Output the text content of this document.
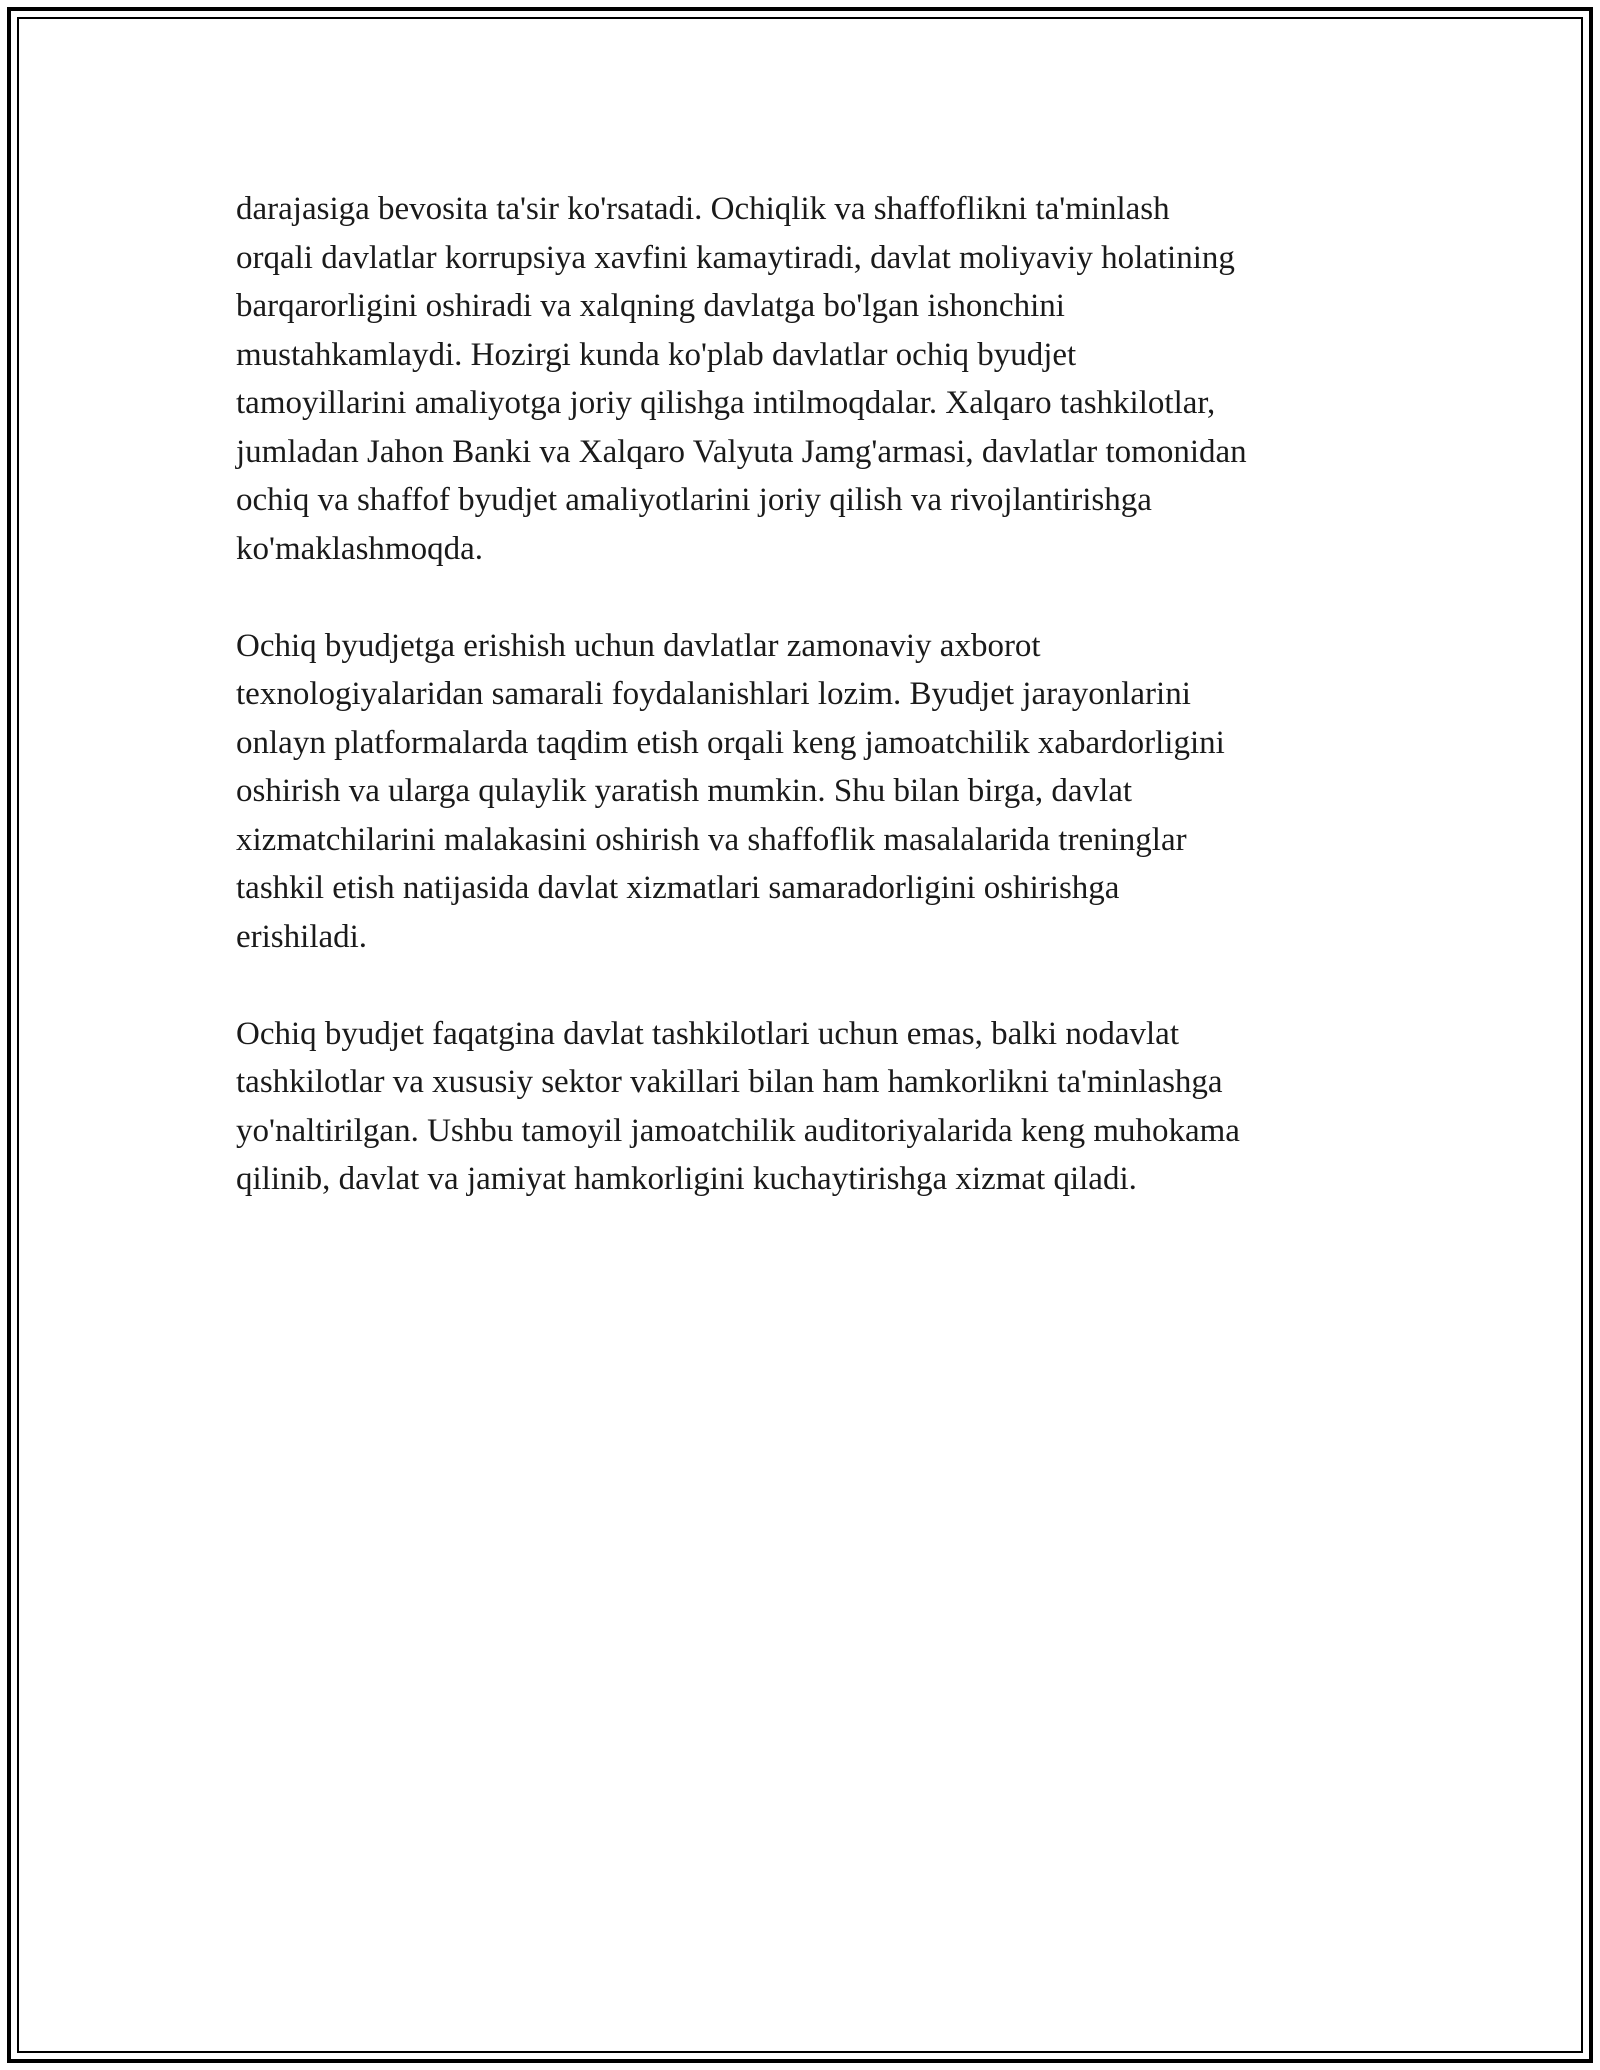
darajasiga bevosita ta'sir ko'rsatadi. Ochiqlik va shaffoflikni ta'minlash
orqali davlatlar korrupsiya xavfini kamaytiradi, davlat moliyaviy holatining
barqarorligini oshiradi va xalqning davlatga bo'lgan ishonchini
mustahkamlaydi. Hozirgi kunda ko'plab davlatlar ochiq byudjet
tamoyillarini amaliyotga joriy qilishga intilmoqdalar. Xalqaro tashkilotlar,
jumladan Jahon Banki va Xalqaro Valyuta Jamg'armasi, davlatlar tomonidan
ochiq va shaffof byudjet amaliyotlarini joriy qilish va rivojlantirishga
ko'maklashmoqda.

Ochiq byudjetga erishish uchun davlatlar zamonaviy axborot
texnologiyalaridan samarali foydalanishlari lozim. Byudjet jarayonlarini
onlayn platformalarda taqdim etish orqali keng jamoatchilik xabardorligini
oshirish va ularga qulaylik yaratish mumkin. Shu bilan birga, davlat
xizmatchilarini malakasini oshirish va shaffoflik masalalarida treninglar
tashkil etish natijasida davlat xizmatlari samaradorligini oshirishga
erishiladi.

Ochiq byudjet faqatgina davlat tashkilotlari uchun emas, balki nodavlat
tashkilotlar va xususiy sektor vakillari bilan ham hamkorlikni ta'minlashga
yo'naltirilgan. Ushbu tamoyil jamoatchilik auditoriyalarida keng muhokama
qilinib, davlat va jamiyat hamkorligini kuchaytirishga xizmat qiladi.
